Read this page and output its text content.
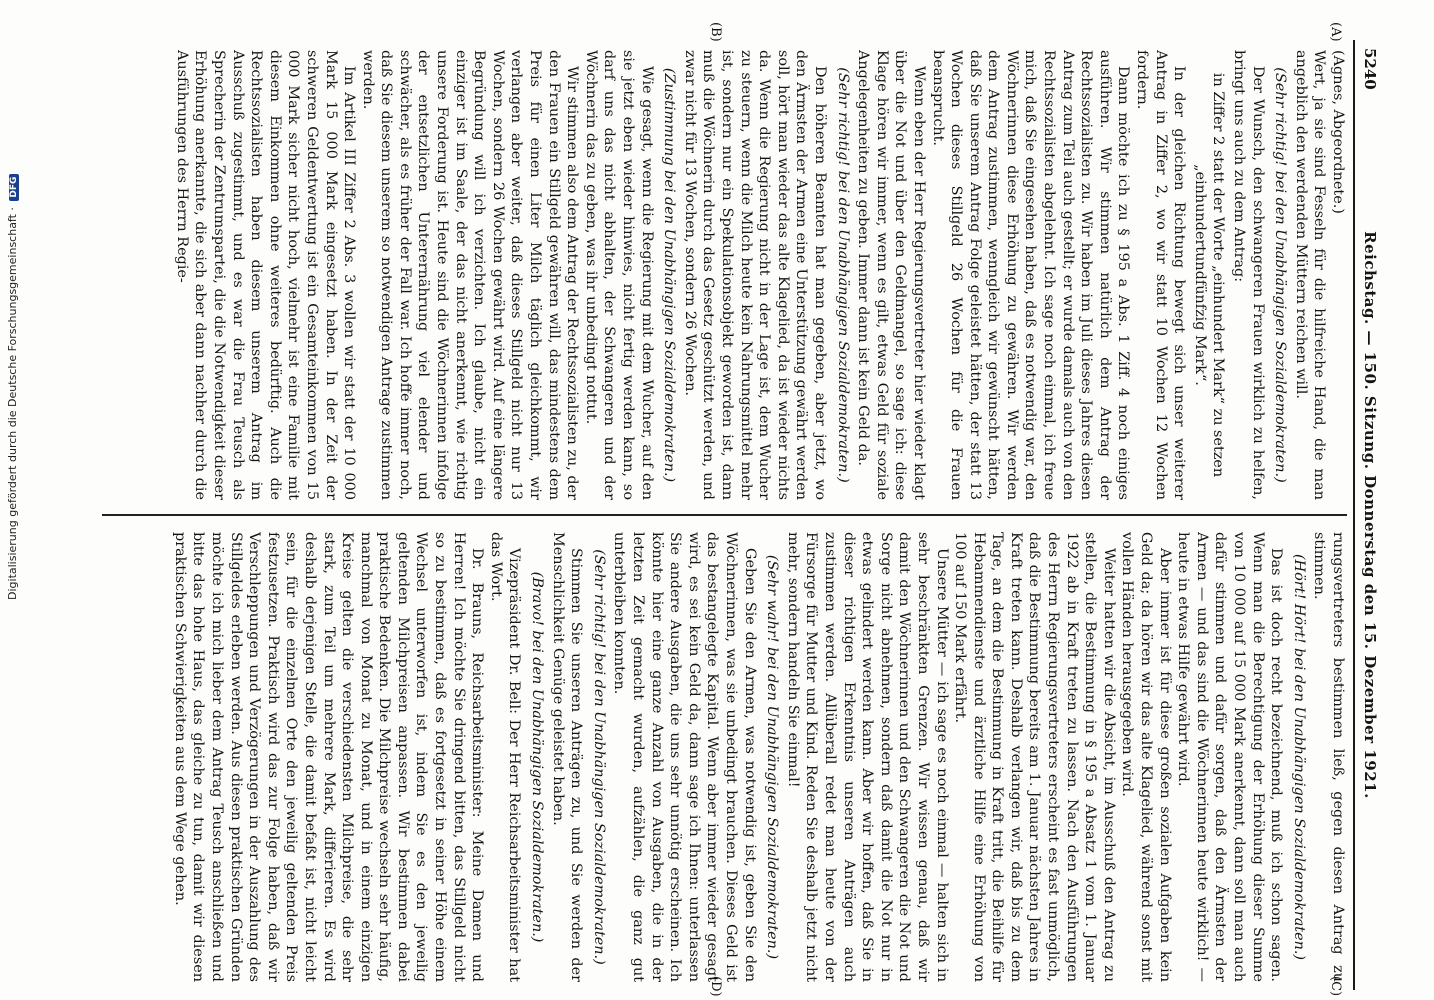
5240
Reichstag. — 150. Sitzung. Donnerstag den 15. Dezember 1921.
(A)
(B)
(C)
(D)

(Agnes, Abgeordnete.)

Wert, ja sie sind Fesseln für die hilfreiche Hand, die man angeblich den werdenden Müttern reichen will.

(Sehr richtig! bei den Unabhängigen Sozialdemokraten.)

Der Wunsch, den schwangeren Frauen wirklich zu helfen, bringt uns auch zu dem Antrag:

in Ziffer 2 statt der Worte „einhundert Mark“ zu setzen „einhundertundfünfzig Mark“.

In der gleichen Richtung bewegt sich unser weiterer Antrag in Ziffer 2, wo wir statt 10 Wochen 12 Wochen fordern.

Dann möchte ich zu § 195 a Abs. 1 Ziff. 4 noch einiges ausführen. Wir stimmen natürlich dem Antrag der Rechtssozialisten zu. Wir haben im Juli dieses Jahres diesen Antrag zum Teil auch gestellt; er wurde damals auch von den Rechtssozialisten abgelehnt. Ich sage noch einmal, ich freue mich, daß Sie eingesehen haben, daß es notwendig war, den Wöchnerinnen diese Erhöhung zu gewähren. Wir werden dem Antrag zustimmen, wenngleich wir gewünscht hätten, daß Sie unserem Antrag Folge geleistet hätten, der statt 13 Wochen dieses Stillgeld 26 Wochen für die Frauen beansprucht.

Wenn eben der Herr Regierungsvertreter hier wieder klagt über die Not und über den Geldmangel, so sage ich: diese Klage hören wir immer, wenn es gilt, etwas Geld für soziale Angelegenheiten zu geben. Immer dann ist kein Geld da.

(Sehr richtig! bei den Unabhängigen Sozialdemokraten.)

Den höheren Beamten hat man gegeben, aber jetzt, wo den Ärmsten der Armen eine Unterstützung gewährt werden soll, hört man wieder das alte Klagelied, da ist wieder nichts da. Wenn die Regierung nicht in der Lage ist, dem Wucher zu steuern, wenn die Milch heute kein Nahrungsmittel mehr ist, sondern nur ein Spekulationsobjekt geworden ist, dann muß die Wöchnerin durch das Gesetz geschützt werden, und zwar nicht für 13 Wochen, sondern 26 Wochen.

(Zustimmung bei den Unabhängigen Sozialdemokraten.)

Wie gesagt, wenn die Regierung mit dem Wucher, auf den sie jetzt eben wieder hinwies, nicht fertig werden kann, so darf uns das nicht abhalten, der Schwangeren und der Wöchnerin das zu geben, was ihr unbedingt nottut.

Wir stimmen also dem Antrag der Rechtssozialisten zu, der den Frauen ein Stillgeld gewähren will, das mindestens dem Preis für einen Liter Milch täglich gleichkommt, wir verlangen aber weiter, daß dieses Stillgeld nicht nur 13 Wochen, sondern 26 Wochen gewährt wird. Auf eine längere Begründung will ich verzichten. Ich glaube, nicht ein einziger ist im Saale, der das nicht anerkennt, wie richtig unsere Forderung ist. Heute sind die Wöchnerinnen infolge der entsetzlichen Unterernährung viel elender und schwächer, als es früher der Fall war. Ich hoffe immer noch, daß Sie diesem unserem so notwendigen Antrage zustimmen werden.

Im Artikel III Ziffer 2 Abs. 3 wollen wir statt der 10 000 Mark 15 000 Mark eingesetzt haben. In der Zeit der schweren Geldentwertung ist ein Gesamteinkommen von 15 000 Mark sicher nicht hoch, vielmehr ist eine Familie mit diesem Einkommen ohne weiteres bedürftig. Auch die Rechtssozialisten haben diesem unserem Antrag im Ausschuß zugestimmt, und es war die Frau Teusch als Sprecherin der Zentrumspartei, die die Notwendigkeit dieser Erhöhung anerkannte, die sich aber dann nachher durch die Ausführungen des Herrn Regie-

rungsvertreters bestimmen ließ, gegen diesen Antrag zu stimmen.

(Hört! Hört! bei den Unabhängigen Sozialdemokraten.)

Das ist doch recht bezeichnend, muß ich schon sagen. Wenn man die Berechtigung der Erhöhung dieser Summe von 10 000 auf 15 000 Mark anerkennt, dann soll man auch dafür stimmen und dafür sorgen, daß den Ärmsten der Armen — und das sind die Wöchnerinnen heute wirklich! — heute in etwas Hilfe gewährt wird.

Aber immer ist für diese großen sozialen Aufgaben kein Geld da; da hören wir das alte Klagelied, während sonst mit vollen Händen herausgegeben wird.

Weiter hatten wir die Absicht, im Ausschuß den Antrag zu stellen, die Bestimmung in § 195 a Absatz 1 vom 1. Januar 1922 ab in Kraft treten zu lassen. Nach den Ausführungen des Herrn Regierungsvertreters erscheint es fast unmöglich, daß die Bestimmung bereits am 1. Januar nächsten Jahres in Kraft treten kann. Deshalb verlangen wir, daß bis zu dem Tage, an dem die Bestimmung in Kraft tritt, die Beihilfe für Hebammendienste und ärztliche Hilfe eine Erhöhung von 100 auf 150 Mark erfährt.

Unsere Mütter — ich sage es noch einmal — halten sich in sehr beschränkten Grenzen. Wir wissen genau, daß wir damit den Wöchnerinnen und den Schwangeren die Not und Sorge nicht abnehmen, sondern daß damit die Not nur in etwas gelindert werden kann. Aber wir hoffen, daß Sie in dieser richtigen Erkenntnis unseren Anträgen auch zustimmen werden. Allüberall redet man heute von der Fürsorge für Mutter und Kind. Reden Sie deshalb jetzt nicht mehr, sondern handeln Sie einmal!

(Sehr wahr! bei den Unabhängigen Sozialdemokraten.)

Geben Sie den Armen, was notwendig ist, geben Sie den Wöchnerinnen, was sie unbedingt brauchen. Dieses Geld ist das bestangelegte Kapital. Wenn aber immer wieder gesagt wird, es sei kein Geld da, dann sage ich Ihnen: unterlassen Sie andere Ausgaben, die uns sehr unnötig erscheinen. Ich könnte hier eine ganze Anzahl von Ausgaben, die in der letzten Zeit gemacht wurden, aufzählen, die ganz gut unterbleiben konnten.

(Sehr richtig! bei den Unabhängigen Sozialdemokraten.)

Stimmen Sie unseren Anträgen zu, und Sie werden der Menschlichkeit Genüge geleistet haben.

(Bravo! bei den Unabhängigen Sozialdemokraten.)

Vizepräsident Dr. Bell: Der Herr Reichsarbeitsminister hat das Wort.

Dr. Brauns, Reichsarbeitsminister: Meine Damen und Herren! Ich möchte Sie dringend bitten, das Stillgeld nicht so zu bestimmen, daß es fortgesetzt in seiner Höhe einem Wechsel unterworfen ist, indem Sie es den jeweilig geltenden Milchpreisen anpassen. Wir bestimmen dabei praktische Bedenken. Die Milchpreise wechseln sehr häufig, manchmal von Monat zu Monat, und in einem einzigen Kreise gelten die verschiedensten Milchpreise, die sehr stark, zum Teil um mehrere Mark, differieren. Es wird deshalb derjenigen Stelle, die damit befaßt ist, nicht leicht sein, für die einzelnen Orte den jeweilig geltenden Preis festzusetzen. Praktisch wird das zur Folge haben, daß wir Verschleppungen und Verzögerungen in der Auszahlung des Stillgeldes erleben werden. Aus diesen praktischen Gründen möchte ich mich lieber dem Antrag Teusch anschließen und bitte das hohe Haus, das gleiche zu tun, damit wir diesen praktischen Schwierigkeiten aus dem Wege gehen.

Digitalisierung gefördert durch die Deutsche Forschungsgemeinschaft · DFG
